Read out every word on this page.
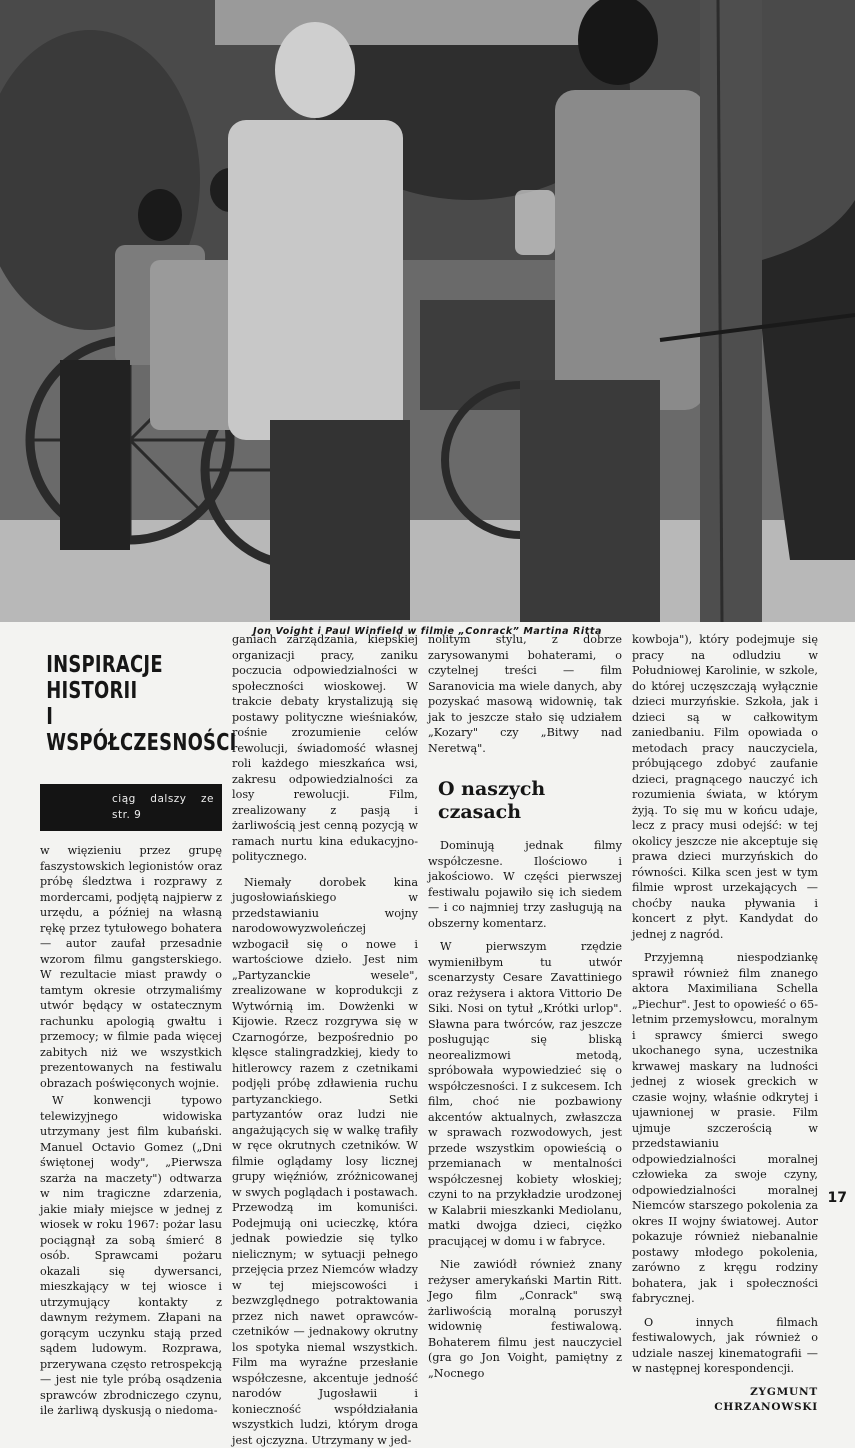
Jon Voight i Paul Winfield w filmie „Conrack” Martina Ritta
INSPIRACJE
HISTORII
I WSPÓŁCZESNOŚCI
ciąg dalszy ze str. 9

w więzieniu przez grupę faszystowskich legionistów oraz próbę śledztwa i rozprawy z mordercami, podjętą najpierw z urzędu, a później na własną rękę przez tytułowego bohatera — autor zaufał przesadnie wzorom filmu gangsterskiego. W rezultacie miast prawdy o tamtym okresie otrzymaliśmy utwór będący w ostatecznym rachunku apologią gwałtu i przemocy; w filmie pada więcej zabitych niż we wszystkich prezentowanych na festiwalu obrazach poświęconych wojnie.

W konwencji typowo telewizyjnego widowiska utrzymany jest film kubański. Manuel Octavio Gomez („Dni świętonej wody", „Pierwsza szarża na maczety") odtwarza w nim tragiczne zdarzenia, jakie miały miejsce w jednej z wiosek w roku 1967: pożar lasu pociągnął za sobą śmierć 8 osób. Sprawcami pożaru okazali się dywersanci, mieszkający w tej wiosce i utrzymujący kontakty z dawnym reżymem. Złapani na gorącym uczynku stają przed sądem ludowym. Rozprawa, przerywana często retrospekcją — jest nie tyle próbą osądzenia sprawców zbrodniczego czynu, ile żarliwą dyskusją o niedoma-

ganiach zarządzania, kiepskiej organizacji pracy, zaniku poczucia odpowiedzialności w społeczności wioskowej. W trakcie debaty krystalizują się postawy polityczne wieśniaków, rośnie zrozumienie celów rewolucji, świadomość własnej roli każdego mieszkańca wsi, zakresu odpowiedzialności za losy rewolucji. Film, zrealizowany z pasją i żarliwością jest cenną pozycją w ramach nurtu kina edukacyjno-politycznego.

Niemały dorobek kina jugosłowiańskiego w przedstawianiu wojny narodowowyzwoleńczej wzbogacił się o nowe i wartościowe dzieło. Jest nim „Partyzanckie wesele", zrealizowane w koprodukcji z Wytwórnią im. Dowżenki w Kijowie. Rzecz rozgrywa się w Czarnogórze, bezpośrednio po klęsce stalingradzkiej, kiedy to hitlerowcy razem z czetnikami podjęli próbę zdławienia ruchu partyzanckiego. Setki partyzantów oraz ludzi nie angażujących się w walkę trafiły w ręce okrutnych czetników. W filmie oglądamy losy licznej grupy więźniów, zróżnicowanej w swych poglądach i postawach. Przewodzą im komuniści. Podejmują oni ucieczkę, która jednak powiedzie się tylko nielicznym; w sytuacji pełnego przejęcia przez Niemców władzy w tej miejscowości i bezwzględnego potraktowania przez nich nawet oprawców-czetników — jednakowy okrutny los spotyka niemal wszystkich. Film ma wyraźne przesłanie współczesne, akcentuje jedność narodów Jugosławii i konieczność współdziałania wszystkich ludzi, którym droga jest ojczyzna. Utrzymany w jed-

nolitym stylu, z dobrze zarysowanymi bohaterami, o czytelnej treści — film Saranovicia ma wiele danych, aby pozyskać masową widownię, tak jak to jeszcze stało się udziałem „Kozary" czy „Bitwy nad Neretwą".

O naszych
czasach

Dominują jednak filmy współczesne. Ilościowo i jakościowo. W części pierwszej festiwalu pojawiło się ich siedem — i co najmniej trzy zasługują na obszerny komentarz.

W pierwszym rzędzie wymieniłbym tu utwór scenarzysty Cesare Zavattiniego oraz reżysera i aktora Vittorio De Siki. Nosi on tytuł „Krótki urlop". Sławna para twórców, raz jeszcze posługując się bliską neorealizmowi metodą, spróbowała wypowiedzieć się o współczesności. I z sukcesem. Ich film, choć nie pozbawiony akcentów aktualnych, zwłaszcza w sprawach rozwodowych, jest przede wszystkim opowieścią o przemianach w mentalności współczesnej kobiety włoskiej; czyni to na przykładzie urodzonej w Kalabrii mieszkanki Mediolanu, matki dwojga dzieci, ciężko pracującej w domu i w fabryce.

Nie zawiódł również znany reżyser amerykański Martin Ritt. Jego film „Conrack" swą żarliwością moralną poruszył widownię festiwalową. Bohaterem filmu jest nauczyciel (gra go Jon Voight, pamiętny z „Nocnego

kowboja"), który podejmuje się pracy na odludziu w Południowej Karolinie, w szkole, do której uczęszczają wyłącznie dzieci murzyńskie. Szkoła, jak i dzieci są w całkowitym zaniedbaniu. Film opowiada o metodach pracy nauczyciela, próbującego zdobyć zaufanie dzieci, pragnącego nauczyć ich rozumienia świata, w którym żyją. To się mu w końcu udaje, lecz z pracy musi odejść: w tej okolicy jeszcze nie akceptuje się prawa dzieci murzyńskich do równości. Kilka scen jest w tym filmie wprost urzekających — choćby nauka pływania i koncert z płyt. Kandydat do jednej z nagród.

Przyjemną niespodziankę sprawił również film znanego aktora Maximiliana Schella „Piechur". Jest to opowieść o 65-letnim przemysłowcu, moralnym i sprawcy śmierci swego ukochanego syna, uczestnika krwawej maskary na ludności jednej z wiosek greckich w czasie wojny, właśnie odkrytej i ujawnionej w prasie. Film ujmuje szczerością w przedstawianiu odpowiedzialności moralnej człowieka za swoje czyny, odpowiedzialności moralnej Niemców starszego pokolenia za okres II wojny światowej. Autor pokazuje również niebanalnie postawy młodego pokolenia, zarówno z kręgu rodziny bohatera, jak i społeczności fabrycznej.

O innych filmach festiwalowych, jak również o udziale naszej kinematografii — w następnej korespondencji.

ZYGMUNT
CHRZANOWSKI
17
